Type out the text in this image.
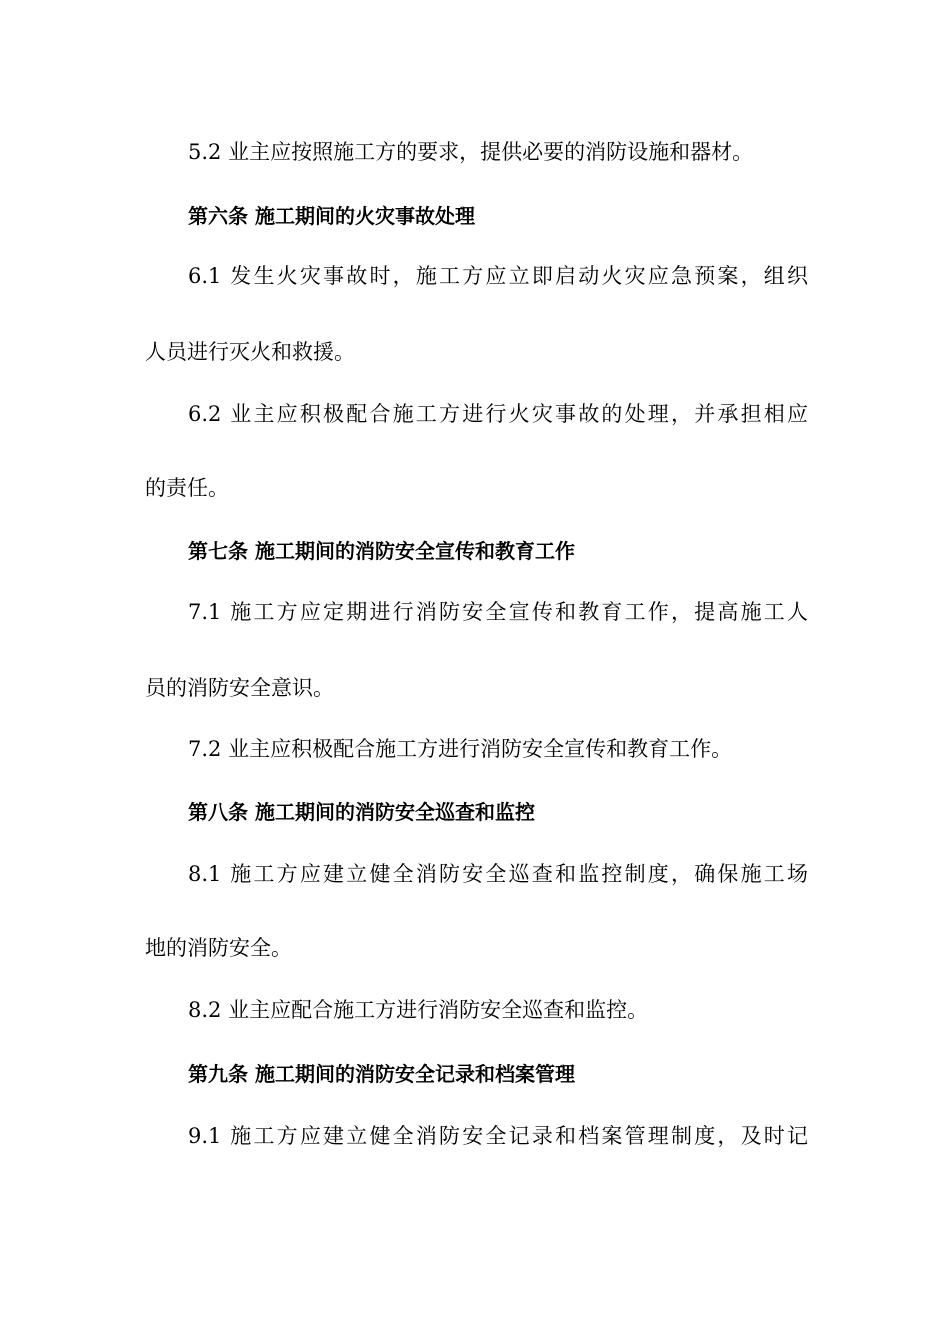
5.2 业主应按照施工方的要求，提供必要的消防设施和器材。
第六条 施工期间的火灾事故处理
6.1 发生火灾事故时，施工方应立即启动火灾应急预案，组织
人员进行灭火和救援。
6.2 业主应积极配合施工方进行火灾事故的处理，并承担相应
的责任。
第七条 施工期间的消防安全宣传和教育工作
7.1 施工方应定期进行消防安全宣传和教育工作，提高施工人
员的消防安全意识。
7.2 业主应积极配合施工方进行消防安全宣传和教育工作。
第八条 施工期间的消防安全巡查和监控
8.1 施工方应建立健全消防安全巡查和监控制度，确保施工场
地的消防安全。
8.2 业主应配合施工方进行消防安全巡查和监控。
第九条 施工期间的消防安全记录和档案管理
9.1 施工方应建立健全消防安全记录和档案管理制度，及时记
